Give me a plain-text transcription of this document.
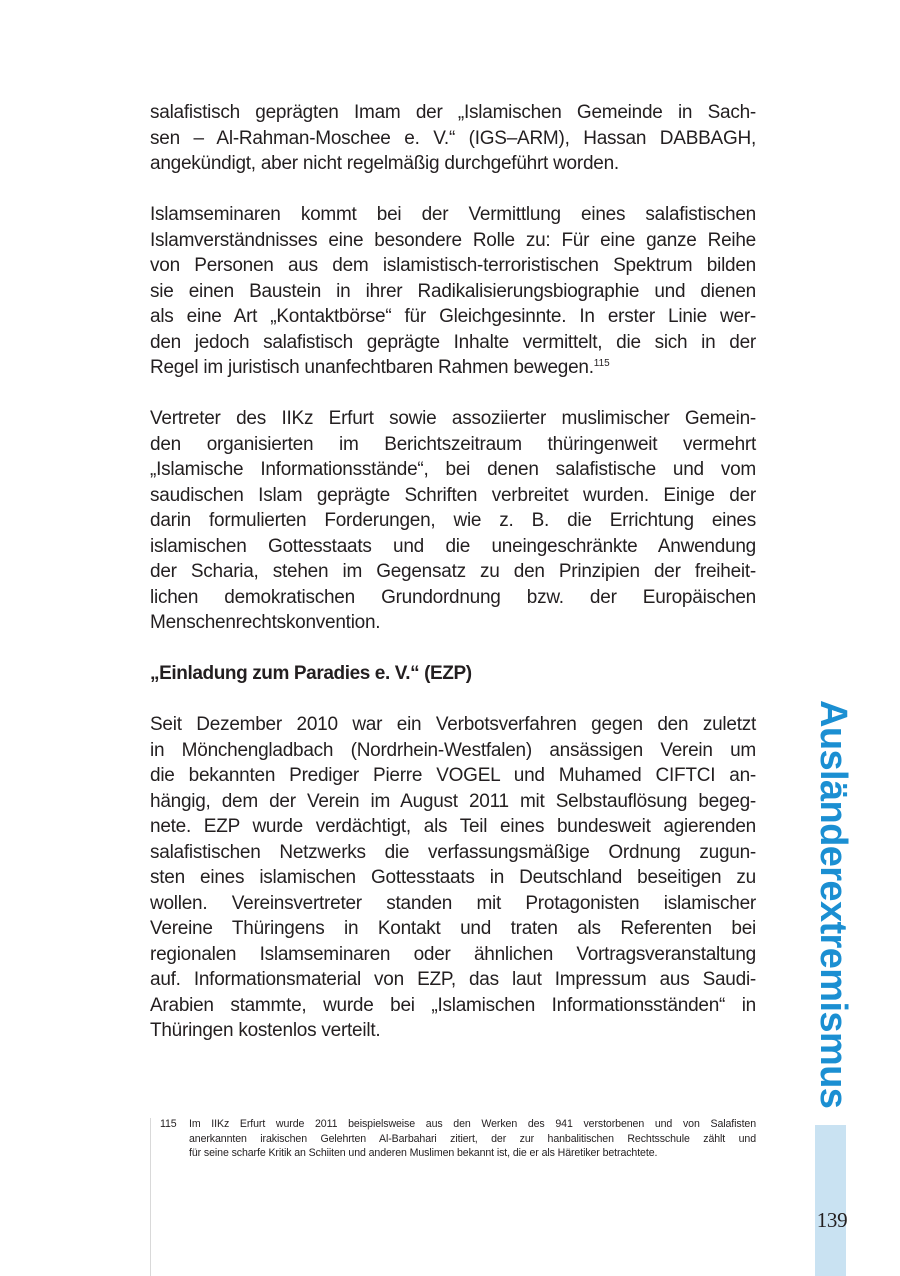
salafistisch geprägten Imam der „Islamischen Gemeinde in Sach-
sen – Al-Rahman-Moschee e. V.“ (IGS–ARM), Hassan DABBAGH,
angekündigt, aber nicht regelmäßig durchgeführt worden.
Islamseminaren kommt bei der Vermittlung eines salafistischen
Islamverständnisses eine besondere Rolle zu: Für eine ganze Reihe
von Personen aus dem islamistisch-terroristischen Spektrum bilden
sie einen Baustein in ihrer Radikalisierungsbiographie und dienen
als eine Art „Kontaktbörse“ für Gleichgesinnte. In erster Linie wer-
den jedoch salafistisch geprägte Inhalte vermittelt, die sich in der
Regel im juristisch unanfechtbaren Rahmen bewegen.$^{115}$
Vertreter des IIKz Erfurt sowie assoziierter muslimischer Gemein-
den organisierten im Berichtszeitraum thüringenweit vermehrt
„Islamische Informationsstände“, bei denen salafistische und vom
saudischen Islam geprägte Schriften verbreitet wurden. Einige der
darin formulierten Forderungen, wie z. B. die Errichtung eines
islamischen Gottesstaats und die uneingeschränkte Anwendung
der Scharia, stehen im Gegensatz zu den Prinzipien der freiheit-
lichen demokratischen Grundordnung bzw. der Europäischen
Menschenrechtskonvention.
„Einladung zum Paradies e. V.“ (EZP)
Seit Dezember 2010 war ein Verbotsverfahren gegen den zuletzt
in Mönchengladbach (Nordrhein-Westfalen) ansässigen Verein um
die bekannten Prediger Pierre VOGEL und Muhamed CIFTCI an-
hängig, dem der Verein im August 2011 mit Selbstauflösung begeg-
nete. EZP wurde verdächtigt, als Teil eines bundesweit agierenden
salafistischen Netzwerks die verfassungsmäßige Ordnung zugun-
sten eines islamischen Gottesstaats in Deutschland beseitigen zu
wollen. Vereinsvertreter standen mit Protagonisten islamischer
Vereine Thüringens in Kontakt und traten als Referenten bei
regionalen Islamseminaren oder ähnlichen Vortragsveranstaltung
auf. Informationsmaterial von EZP, das laut Impressum aus Saudi-
Arabien stammte, wurde bei „Islamischen Informationsständen“ in
Thüringen kostenlos verteilt.
115 Im IIKz Erfurt wurde 2011 beispielsweise aus den Werken des 941 verstorbenen und von Salafisten
anerkannten irakischen Gelehrten Al-Barbahari zitiert, der zur hanbalitischen Rechtsschule zählt und
für seine scharfe Kritik an Schiiten und anderen Muslimen bekannt ist, die er als Häretiker betrachtete.
Ausländerextremismus
139
